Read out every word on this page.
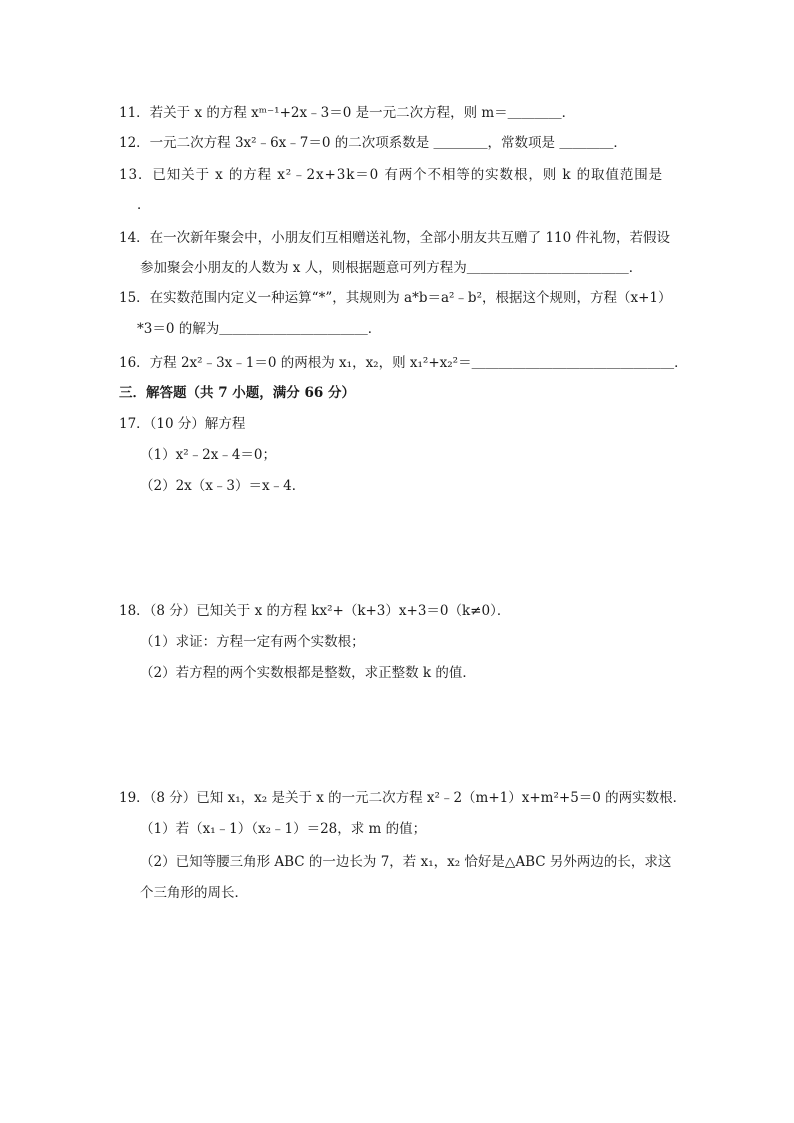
11．若关于 x 的方程 xᵐ⁻¹+2x﹣3＝0 是一元二次方程，则 m＝＿＿＿＿．
12．一元二次方程 3x²﹣6x﹣7＝0 的二次项系数是 ＿＿＿＿，常数项是 ＿＿＿＿．
13．已知关于 x 的方程 x²﹣2x+3k＝0 有两个不相等的实数根，则 k 的取值范围是
．
14．在一次新年聚会中，小朋友们互相赠送礼物，全部小朋友共互赠了 110 件礼物，若假设
参加聚会小朋友的人数为 x 人，则根据题意可列方程为＿＿＿＿＿＿＿＿＿＿＿＿．
15．在实数范围内定义一种运算“*”，其规则为 a*b＝a²﹣b²，根据这个规则，方程（x+1）
*3＝0 的解为＿＿＿＿＿＿＿＿＿＿＿．
16．方程 2x²﹣3x﹣1＝0 的两根为 x₁，x₂，则 x₁²+x₂²＝＿＿＿＿＿＿＿＿＿＿＿＿＿＿＿．
三．解答题（共 7 小题，满分 66 分）
17．（10 分）解方程
（1）x²﹣2x﹣4＝0；
（2）2x（x﹣3）＝x﹣4．
18．（8 分）已知关于 x 的方程 kx²+（k+3）x+3＝0（k≠0）．
（1）求证：方程一定有两个实数根；
（2）若方程的两个实数根都是整数，求正整数 k 的值．
19．（8 分）已知 x₁，x₂ 是关于 x 的一元二次方程 x²﹣2（m+1）x+m²+5＝0 的两实数根．
（1）若（x₁﹣1）（x₂﹣1）＝28，求 m 的值；
（2）已知等腰三角形 ABC 的一边长为 7，若 x₁，x₂ 恰好是△ABC 另外两边的长，求这
个三角形的周长．
